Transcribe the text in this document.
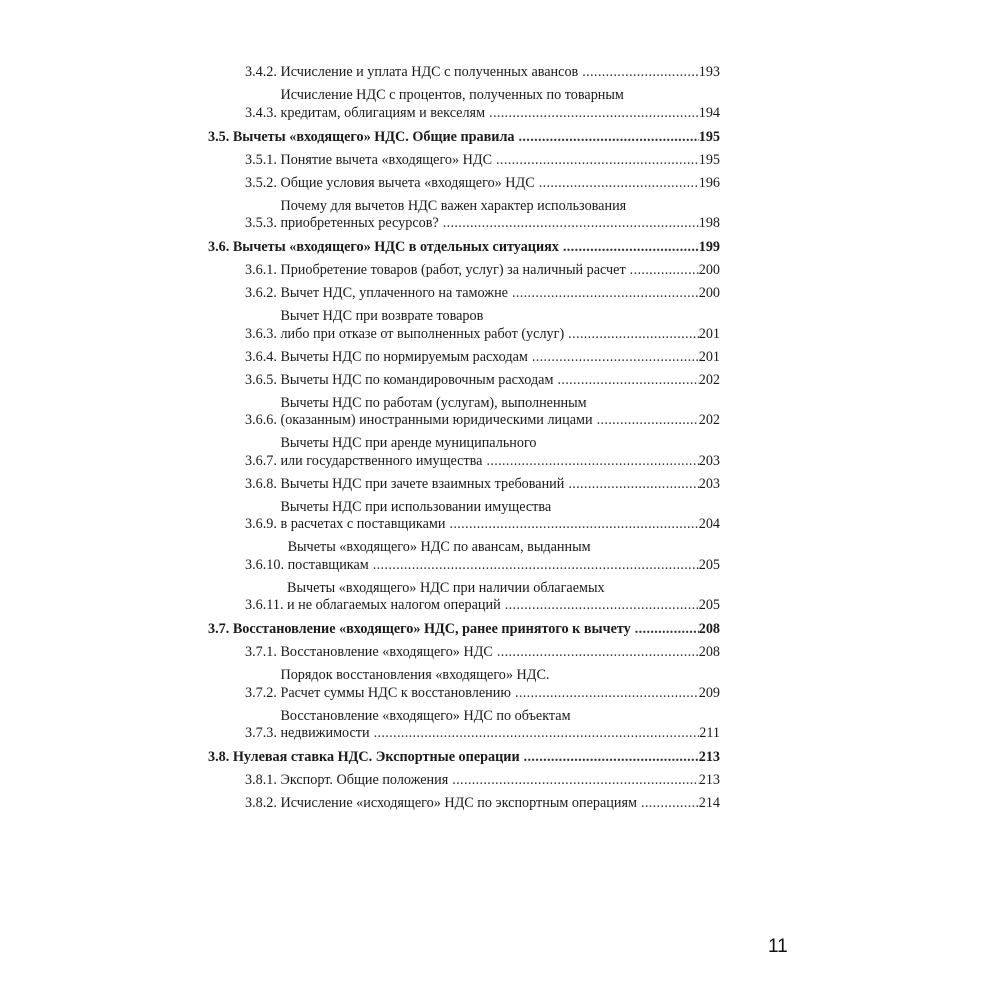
3.4.2.
Исчисление и уплата НДС с полученных авансов . . .	193
3.4.3.

Исчисление НДС с процентов, полученных по товарным
кредитам, облигациям и векселям . . .	194
3.5.
Вычеты «входящего» НДС. Общие правила . . .	195
3.5.1.
Понятие вычета «входящего» НДС . . .	195
3.5.2.
Общие условия вычета «входящего» НДС . . .	196
3.5.3.

Почему для вычетов НДС важен характер использования
приобретенных ресурсов? . . .	198
3.6.
Вычеты «входящего» НДС в отдельных ситуациях . . .	199
3.6.1.
Приобретение товаров (работ, услуг) за наличный расчет . . .	200
3.6.2.
Вычет НДС, уплаченного на таможне . . .	200
3.6.3.

Вычет НДС при возврате товаров
либо при отказе от выполненных работ (услуг) . . .	201
3.6.4.
Вычеты НДС по нормируемым расходам . . .	201
3.6.5.
Вычеты НДС по командировочным расходам . . .	202
3.6.6.

Вычеты НДС по работам (услугам), выполненным
(оказанным) иностранными юридическими лицами . . .	202
3.6.7.

Вычеты НДС при аренде муниципального
или государственного имущества . . .	203
3.6.8.
Вычеты НДС при зачете взаимных требований . . .	203
3.6.9.

Вычеты НДС при использовании имущества
в расчетах с поставщиками . . .	204
3.6.10.

Вычеты «входящего» НДС по авансам, выданным
поставщикам . . .	205
3.6.11.

Вычеты «входящего» НДС при наличии облагаемых
и не облагаемых налогом операций . . .	205
3.7.
Восстановление «входящего» НДС, ранее принятого к вычету . . .	208
3.7.1.
Восстановление «входящего» НДС . . .	208
3.7.2.

Порядок восстановления «входящего» НДС.
Расчет суммы НДС к восстановлению . . .	209
3.7.3.

Восстановление «входящего» НДС по объектам
недвижимости . . .	211
3.8.
Нулевая ставка НДС. Экспортные операции . . .	213
3.8.1.
Экспорт. Общие положения . . .	213
3.8.2.
Исчисление «исходящего» НДС по экспортным операциям . . .	214
11
